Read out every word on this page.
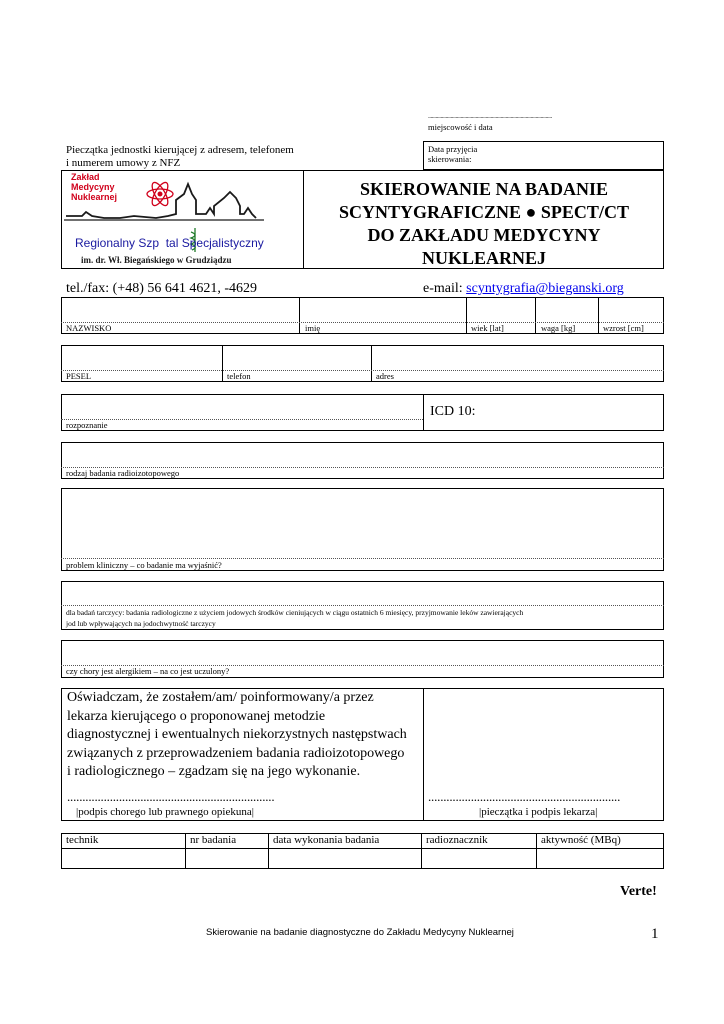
...................................................................................................
miejscowość i data
Pieczątka jednostki kierującej z adresem, telefonem
i numerem umowy z NFZ
Data przyjęcia
skierowania:
Zakład
Medycyny
Nuklearnej
Regionalny Szp  tal Specjalistyczny
im. dr. Wł. Biegańskiego w Grudziądzu
SKIEROWANIE NA BADANIE
SCYNTYGRAFICZNE ● SPECT/CT
DO ZAKŁADU MEDYCYNY
NUKLEARNEJ
tel./fax: (+48) 56 641 4621, -4629	e-mail: scyntygrafia@bieganski.org
NAZWISKO	imię	wiek [lat]	waga [kg]	wzrost [cm]
PESEL	telefon	adres
rozpoznanie
ICD 10:
rodzaj badania radioizotopowego
problem kliniczny – co badanie ma wyjaśnić?
dla badań tarczycy: badania radiologiczne z użyciem jodowych środków cieniujących w ciągu ostatnich 6 miesięcy, przyjmowanie leków zawierających
jod lub wpływających na jodochwytność tarczycy
czy chory jest alergikiem – na co jest uczulony?
Oświadczam, że zostałem/am/ poinformowany/a przez
lekarza kierującego o proponowanej metodzie
diagnostycznej i ewentualnych niekorzystnych następstwach
związanych z przeprowadzeniem badania radioizotopowego
i radiologicznego – zgadzam się na jego wykonanie.
....................................................................
|podpis chorego lub prawnego opiekuna|
...............................................................
|pieczątka i podpis lekarza|
technik	nr badania	data wykonania badania	radioznacznik	aktywność (MBq)
Verte!
Skierowanie na badanie diagnostyczne do Zakładu Medycyny Nuklearnej	1
